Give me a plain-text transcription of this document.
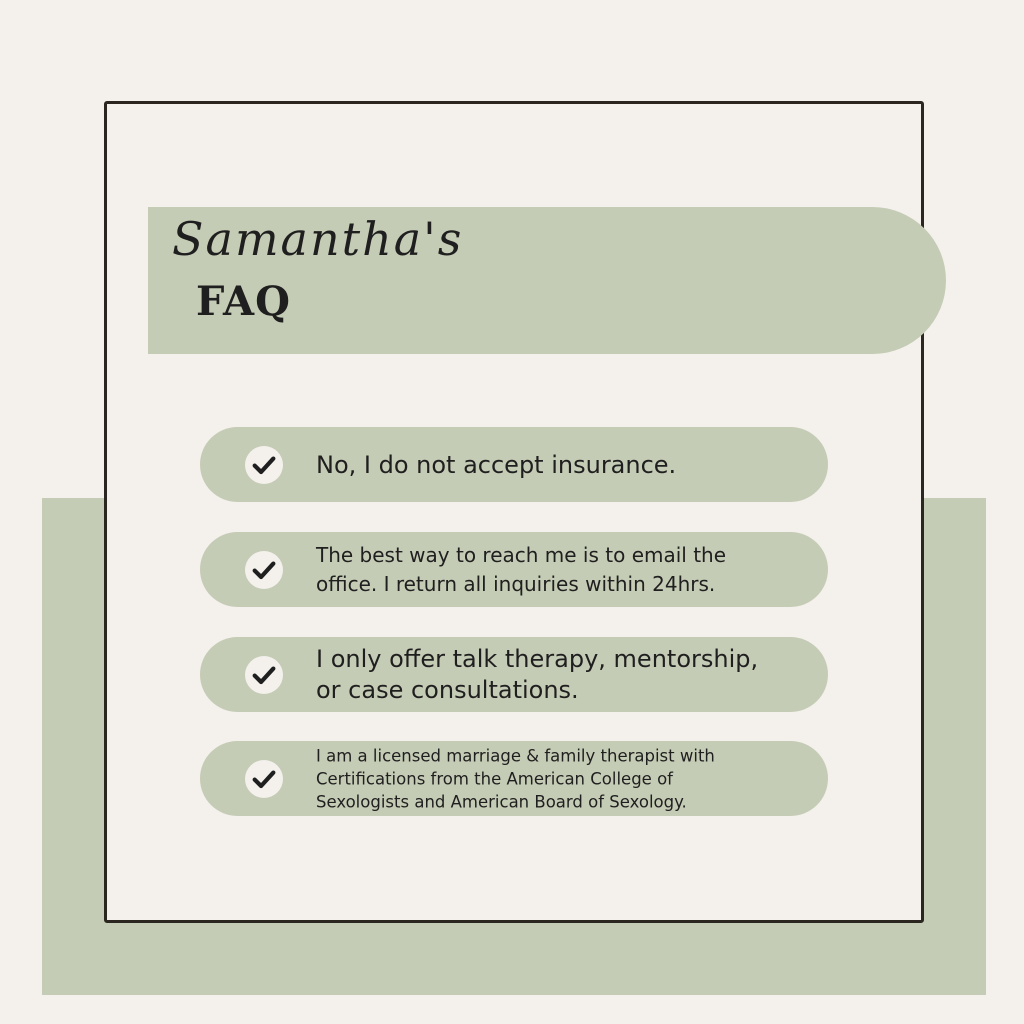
Samantha's
FAQ
No, I do not accept insurance.
The best way to reach me is to email the
office. I return all inquiries within 24hrs.
I only offer talk therapy, mentorship,
or case consultations.
I am a licensed marriage & family therapist with
Certifications from the American College of
Sexologists and American Board of Sexology.
